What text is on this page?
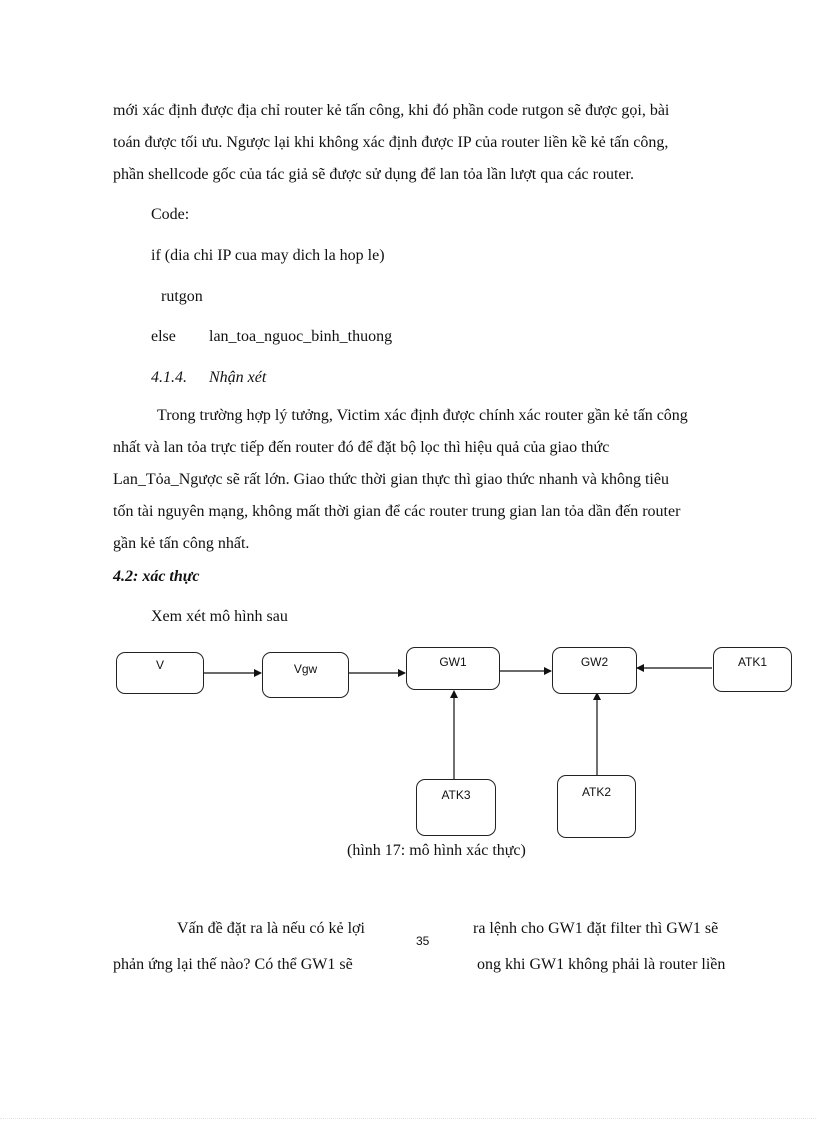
mới xác định được địa chỉ router kẻ tấn công, khi đó phần code rutgon sẽ được gọi, bài
toán được tối ưu. Ngược lại khi không xác định được IP của router liền kề kẻ tấn công,
phần shellcode gốc của tác giả sẽ được sử dụng để lan tỏa lần lượt qua các router.
Code:
if (dia chi IP cua may dich la hop le)
rutgon
else lan_toa_nguoc_binh_thuong
4.1.4. Nhận xét
Trong trường hợp lý tưởng, Victim xác định được chính xác router gần kẻ tấn công
nhất và lan tỏa trực tiếp đến router đó để đặt bộ lọc thì hiệu quả của giao thức
Lan_Tỏa_Ngược sẽ rất lớn. Giao thức thời gian thực thì giao thức nhanh và không tiêu
tốn tài nguyên mạng, không mất thời gian để các router trung gian lan tỏa dần đến router
gần kẻ tấn công nhất.
4.2: xác thực
Xem xét mô hình sau
V	Vgw	GW1	GW2	ATK1
ATK3	ATK2
(hình 17: mô hình xác thực)
Vấn đề đặt ra là nếu có kẻ lợi	ra lệnh cho GW1 đặt filter thì GW1 sẽ
phản ứng lại thế nào? Có thể GW1 sẽ	ong khi GW1 không phải là router liền
35
